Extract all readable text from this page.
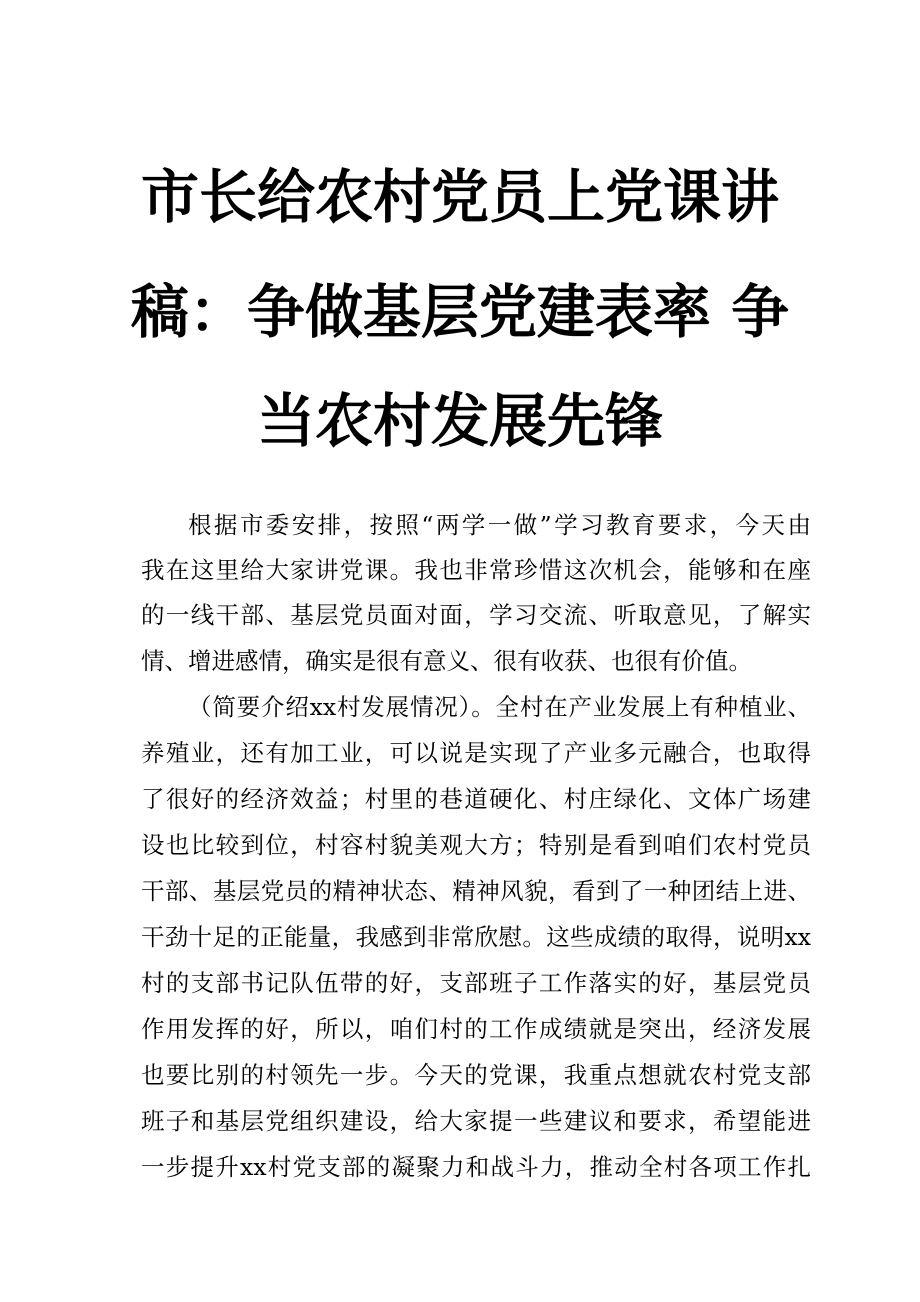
市长给农村党员上党课讲
稿：争做基层党建表率 争
当农村发展先锋
根据市委安排，按照“两学一做”学习教育要求，今天由
我在这里给大家讲党课。我也非常珍惜这次机会，能够和在座
的一线干部、基层党员面对面，学习交流、听取意见，了解实
情、增进感情，确实是很有意义、很有收获、也很有价值。
（简要介绍xx村发展情况）。全村在产业发展上有种植业、
养殖业，还有加工业，可以说是实现了产业多元融合，也取得
了很好的经济效益；村里的巷道硬化、村庄绿化、文体广场建
设也比较到位，村容村貌美观大方；特别是看到咱们农村党员
干部、基层党员的精神状态、精神风貌，看到了一种团结上进、
干劲十足的正能量，我感到非常欣慰。这些成绩的取得，说明xx
村的支部书记队伍带的好，支部班子工作落实的好，基层党员
作用发挥的好，所以，咱们村的工作成绩就是突出，经济发展
也要比别的村领先一步。今天的党课，我重点想就农村党支部
班子和基层党组织建设，给大家提一些建议和要求，希望能进
一步提升xx村党支部的凝聚力和战斗力，推动全村各项工作扎
